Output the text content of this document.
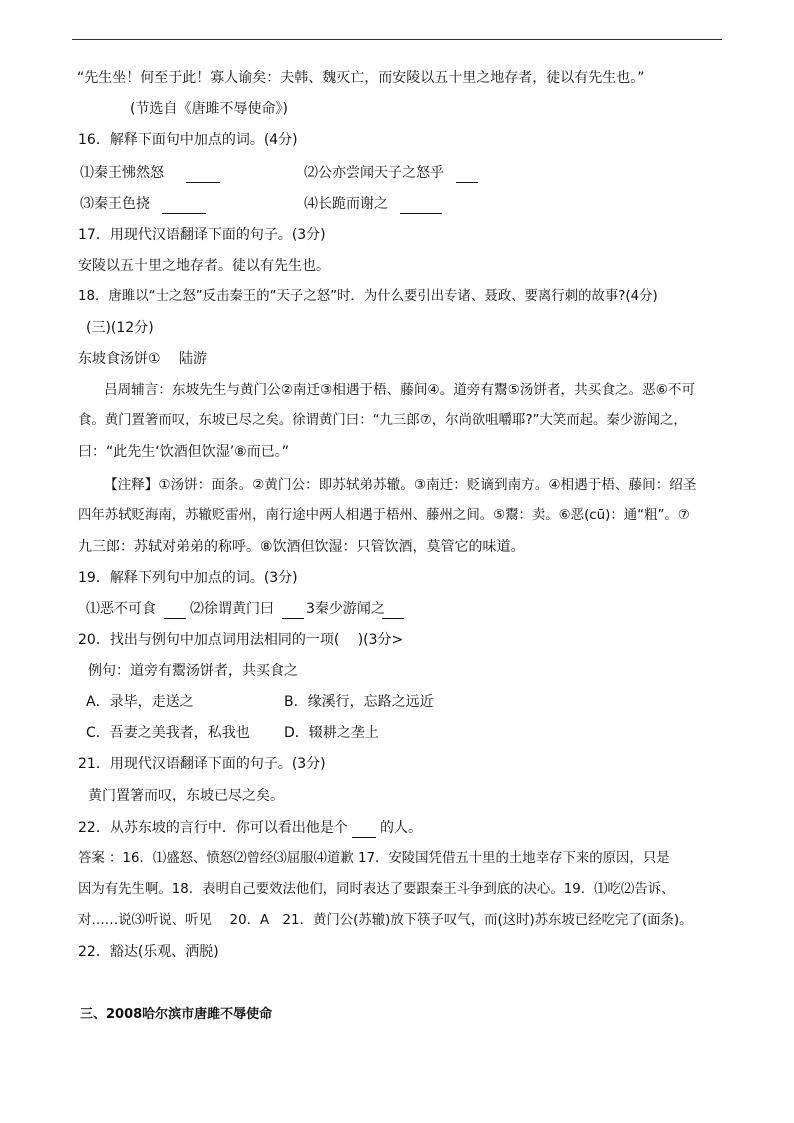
“先生坐！何至于此！寡人谕矣：夫韩、魏灭亡，而安陵以五十里之地存者，徒以有先生也。”
(节选自《唐雎不辱使命》)
16．解释下面句中加点的词。(4分)
⑴秦王怫然怒	⑵公亦尝闻天子之怒乎
⑶秦王色挠	⑷长跪而谢之
17．用现代汉语翻译下面的句子。(3分)
安陵以五十里之地存者。徒以有先生也。
18．唐雎以“士之怒”反击秦王的“天子之怒”时．为什么要引出专诸、聂政、要离行刺的故事?(4分)
(三)(12分)
东坡食汤饼①　 陆游
吕周辅言：东坡先生与黄门公②南迁③相遇于梧、藤间④。道旁有鬻⑤汤饼者，共买食之。恶⑥不可
食。黄门置箸而叹，东坡已尽之矣。徐谓黄门曰：“九三郎⑦，尔尚欲咀嚼耶?”大笑而起。秦少游闻之，
曰：“此先生‘饮酒但饮湿’⑧而已。”
【注释】①汤饼：面条。②黄门公：即苏轼弟苏辙。③南迁：贬谪到南方。④相遇于梧、藤间：绍圣
四年苏轼贬海南，苏辙贬雷州，南行途中两人相遇于梧州、藤州之间。⑤鬻：卖。⑥恶(cū)：通“粗”。⑦
九三郎：苏轼对弟弟的称呼。⑧饮酒但饮湿：只管饮酒，莫管它的味道。
19．解释下列句中加点的词。(3分)
⑴恶不可食 ⑵徐谓黄门曰 3秦少游闻之
20．找出与例句中加点词用法相同的一项(　 )(3分>
例句：道旁有鬻汤饼者，共买食之
A．录毕，走送之	B．缘溪行，忘路之远近
C．吾妻之美我者，私我也 D．辍耕之垄上
21．用现代汉语翻译下面的句子。(3分)
黄门置箸而叹，东坡已尽之矣。
22．从苏东坡的言行中．你可以看出他是个 的人。
答案 ：16．⑴盛怒、愤怒⑵曾经⑶屈服⑷道歉 17．安陵国凭借五十里的土地幸存下来的原因，只是
因为有先生啊。18．表明自己要效法他们，同时表达了要跟秦王斗争到底的决心。19．⑴吃⑵告诉、
对……说⑶听说、听见　 20．A　21．黄门公(苏辙)放下筷子叹气，而(这时)苏东坡已经吃完了(面条)。
22．豁达(乐观、洒脱)
三、2008哈尔滨市唐雎不辱使命
